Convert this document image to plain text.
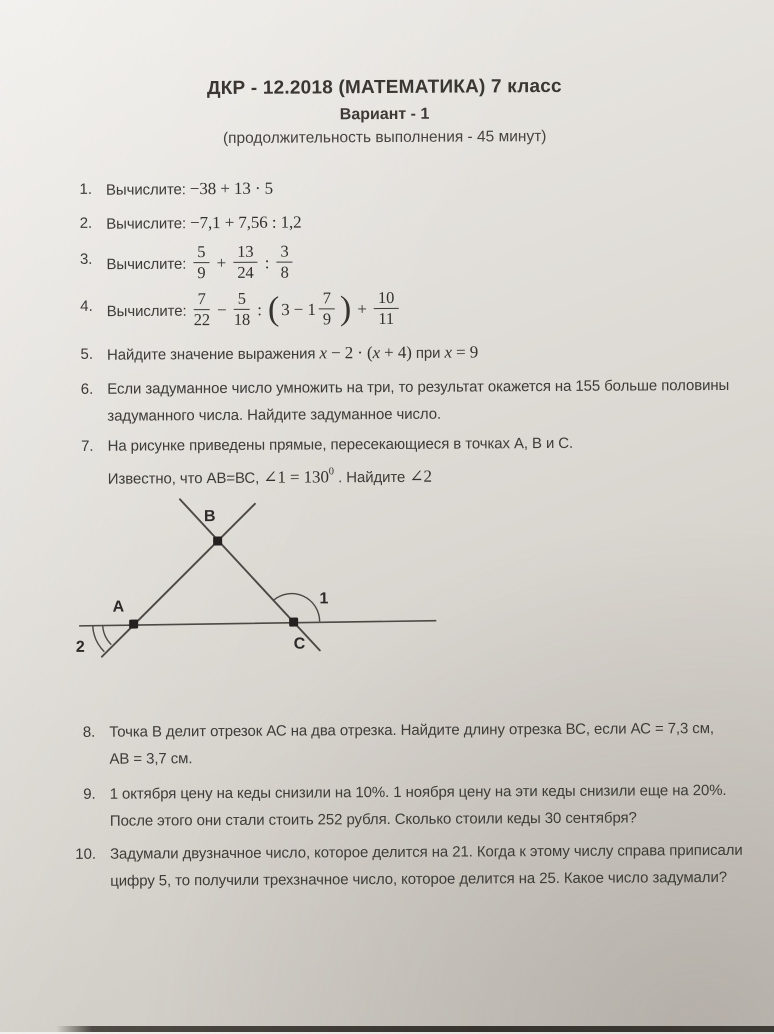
ДКР - 12.2018 (МАТЕМАТИКА) 7 класс
Вариант - 1
(продолжительность выполнения - 45 минут)
1. Вычислите: −38 + 13 · 5
2. Вычислите: −7,1 + 7,56 : 1,2
3. Вычислите: $\frac{5}{9} + \frac{13}{24}$ : $\frac{3}{8}$
4. Вычислите: $\frac{7}{22} - \frac{5}{18}$ : ( $3 - 1 \frac{7}{9}$ ) + $\frac{10}{11}$
5. Найдите значение выражения x − 2 · (x + 4) при x = 9
6. Если задуманное число умножить на три, то результат окажется на 155 больше половины
задуманного числа. Найдите задуманное число.
7. На рисунке приведены прямые, пересекающиеся в точках А, В и С.
Известно, что АВ=ВС, ∠1 = $130^0$ . Найдите ∠2
B
A
C
1
2
8. Точка В делит отрезок АС на два отрезка. Найдите длину отрезка ВС, если АС = 7,3 см,
АВ = 3,7 см.
9. 1 октября цену на кеды снизили на 10%. 1 ноября цену на эти кеды снизили еще на 20%.
После этого они стали стоить 252 рубля. Сколько стоили кеды 30 сентября?
10. Задумали двузначное число, которое делится на 21. Когда к этому числу справа приписали
цифру 5, то получили трехзначное число, которое делится на 25. Какое число задумали?
